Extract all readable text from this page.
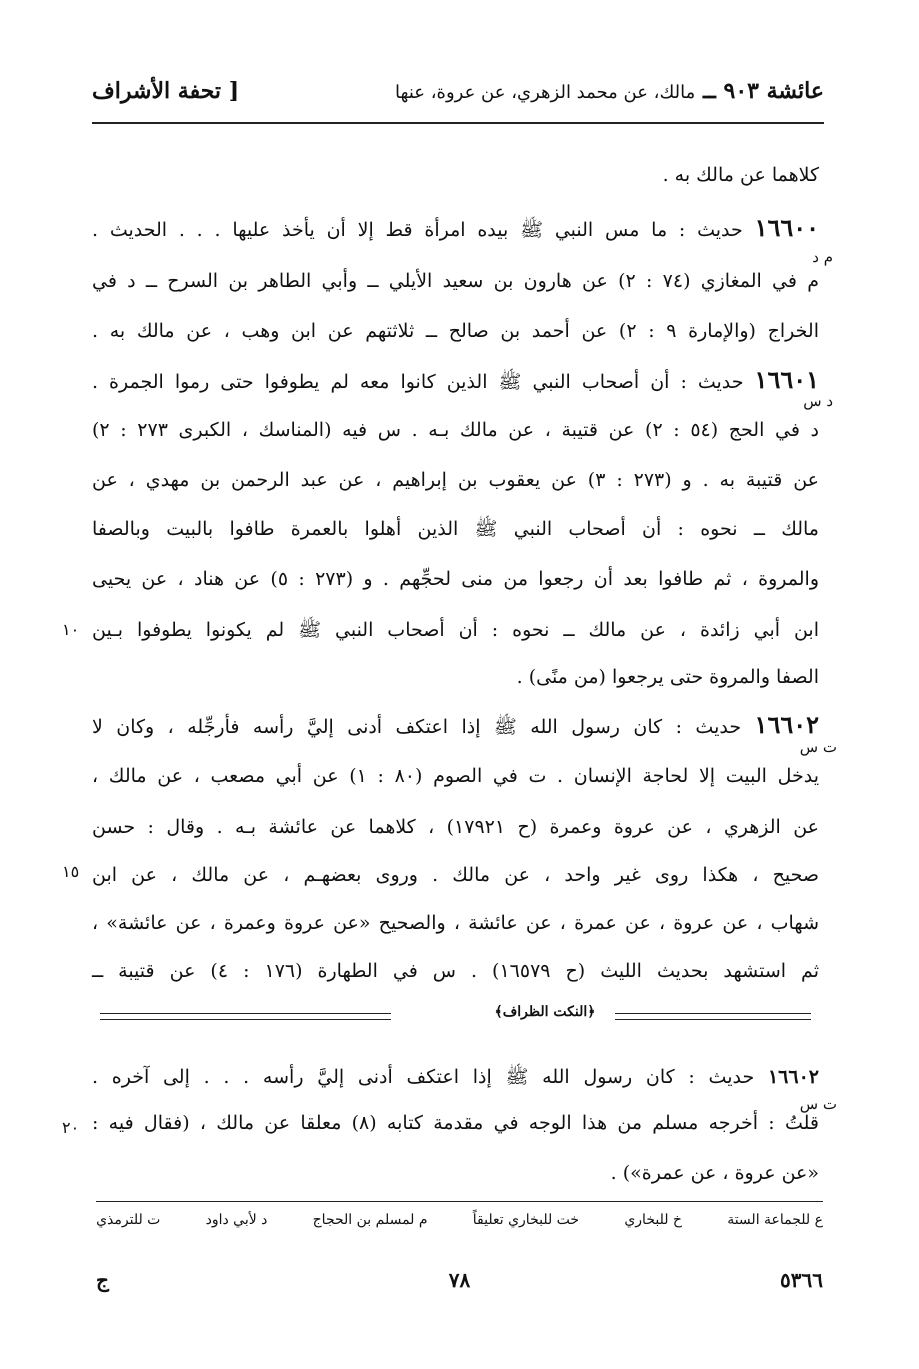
عائشة ٩٠٣ ــ مالك، عن محمد الزهري، عن عروة، عنها
[ تحفة الأشراف
كلاهما عن مالك به .
١٦٦٠٠ حديث : ما مس النبي ﷺ بيده امرأة قط إلا أن يأخذ عليها . . . الحديث .
م في المغازي (٧٤ : ٢) عن هارون بن سعيد الأيلي ــ وأبي الطاهر بن السرح ــ د في
الخراج (والإمارة ٩ : ٢) عن أحمد بن صالح ــ ثلاثتهم عن ابن وهب ، عن مالك به .
١٦٦٠١ حديث : أن أصحاب النبي ﷺ الذين كانوا معه لم يطوفوا حتى رموا الجمرة .
د في الحج (٥٤ : ٢) عن قتيبة ، عن مالك بـه . س فيه (المناسك ، الكبرى ٢٧٣ : ٢)
عن قتيبة به . و (٢٧٣ : ٣) عن يعقوب بن إبراهيم ، عن عبد الرحمن بن مهدي ، عن
مالك ــ نحوه : أن أصحاب النبي ﷺ الذين أهلوا بالعمرة طافوا بالبيت وبالصفا
والمروة ، ثم طافوا بعد أن رجعوا من منى لحجِّهم . و (٢٧٣ : ٥) عن هناد ، عن يحيى
ابن أبي زائدة ، عن مالك ــ نحوه : أن أصحاب النبي ﷺ لم يكونوا يطوفوا بـين
الصفا والمروة حتى يرجعوا (من منًى) .
١٦٦٠٢ حديث : كان رسول الله ﷺ إذا اعتكف أدنى إليَّ رأسه فأرجِّله ، وكان لا
يدخل البيت إلا لحاجة الإنسان . ت في الصوم (٨٠ : ١) عن أبي مصعب ، عن مالك ،
عن الزهري ، عن عروة وعمرة (ح ١٧٩٢١) ، كلاهما عن عائشة بـه . وقال : حسن
صحيح ، هكذا روى غير واحد ، عن مالك . وروى بعضهـم ، عن مالك ، عن ابن
شهاب ، عن عروة ، عن عمرة ، عن عائشة ، والصحيح «عن عروة وعمرة ، عن عائشة» ،
ثم استشهد بحديث الليث (ح ١٦٥٧٩) . س في الطهارة (١٧٦ : ٤) عن قتيبة ــ
م د
د س
ت س
ت س
١٠
١٥
٢٠
﴿النكت الظراف﴾
١٦٦٠٢ حديث : كان رسول الله ﷺ إذا اعتكف أدنى إليَّ رأسه . . . إلى آخره .
قلتُ : أخرجه مسلم من هذا الوجه في مقدمة كتابه (٨) معلقا عن مالك ، (فقال فيه :
«عن عروة ، عن عمرة») .
ع للجماعة الستة
خ للبخاري
خت للبخاري تعليقاً
م لمسلم بن الحجاج
د لأبي داود
ت للترمذي
٥٣٦٦
٧٨
ج
